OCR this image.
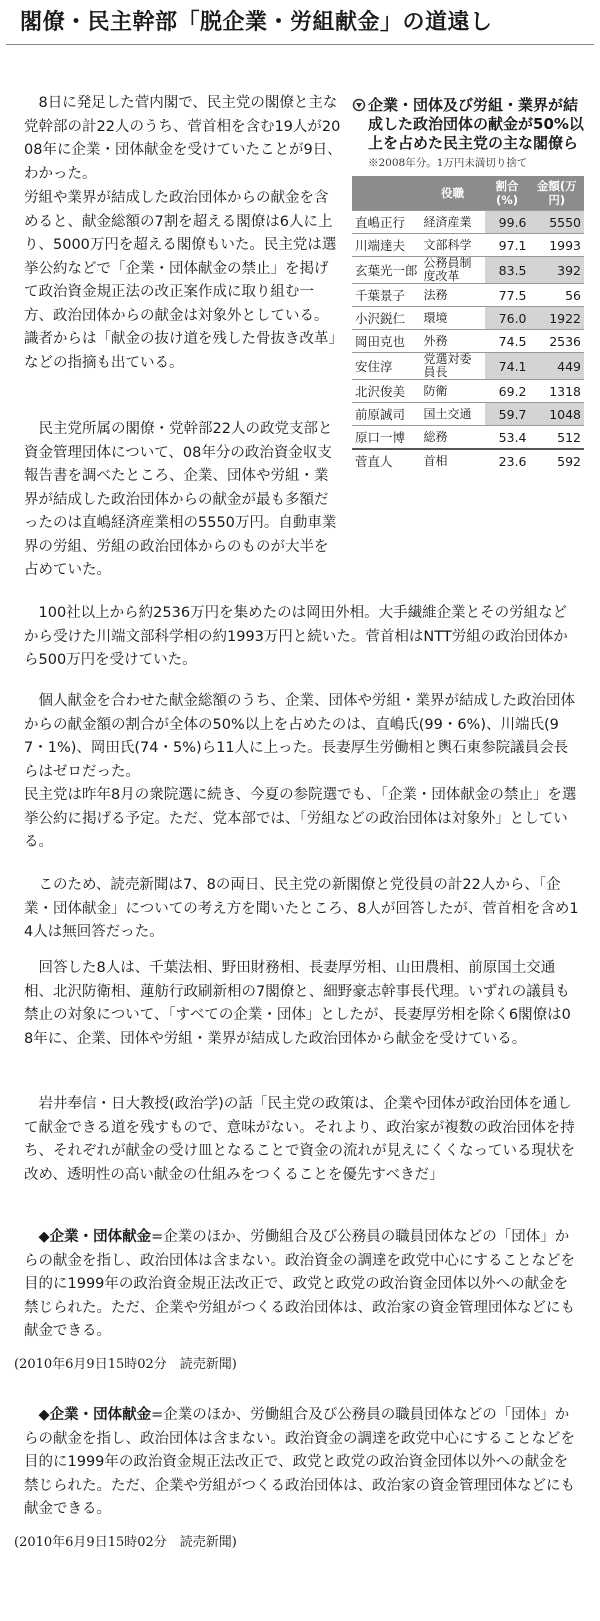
閣僚・民主幹部「脱企業・労組献金」の道遠し

企業・団体及び労組・業界が結成した政治団体の献金が50%以上を占めた民主党の主な閣僚ら

※2008年分。1万円未満切り捨て

	役職	割合(%)	金額(万円)
直嶋正行	経済産業	99.6	5550
川端達夫	文部科学	97.1	1993
玄葉光一郎	公務員制度改革	83.5	392
千葉景子	法務	77.5	56
小沢鋭仁	環境	76.0	1922
岡田克也	外務	74.5	2536
安住淳	党選対委員長	74.1	449
北沢俊美	防衛	69.2	1318
前原誠司	国土交通	59.7	1048
原口一博	総務	53.4	512
菅直人	首相	23.6	592

8日に発足した菅内閣で、民主党の閣僚と主な党幹部の計22人のうち、菅首相を含む19人が2008年に企業・団体献金を受けていたことが9日、わかった。

労組や業界が結成した政治団体からの献金を含めると、献金総額の7割を超える閣僚は6人に上り、5000万円を超える閣僚もいた。民主党は選挙公約などで「企業・団体献金の禁止」を掲げて政治資金規正法の改正案作成に取り組む一方、政治団体からの献金は対象外としている。識者からは「献金の抜け道を残した骨抜き改革」などの指摘も出ている。

民主党所属の閣僚・党幹部22人の政党支部と資金管理団体について、08年分の政治資金収支報告書を調べたところ、企業、団体や労組・業界が結成した政治団体からの献金が最も多額だったのは直嶋経済産業相の5550万円。自動車業界の労組、労組の政治団体からのものが大半を占めていた。

100社以上から約2536万円を集めたのは岡田外相。大手繊維企業とその労組などから受けた川端文部科学相の約1993万円と続いた。菅首相はNTT労組の政治団体から500万円を受けていた。

個人献金を合わせた献金総額のうち、企業、団体や労組・業界が結成した政治団体からの献金額の割合が全体の50%以上を占めたのは、直嶋氏(99・6%)、川端氏(97・1%)、岡田氏(74・5%)ら11人に上った。長妻厚生労働相と輿石東参院議員会長らはゼロだった。

民主党は昨年8月の衆院選に続き、今夏の参院選でも、「企業・団体献金の禁止」を選挙公約に掲げる予定。ただ、党本部では、「労組などの政治団体は対象外」としている。

このため、読売新聞は7、8の両日、民主党の新閣僚と党役員の計22人から、「企業・団体献金」についての考え方を聞いたところ、8人が回答したが、菅首相を含め14人は無回答だった。

回答した8人は、千葉法相、野田財務相、長妻厚労相、山田農相、前原国土交通相、北沢防衛相、蓮舫行政刷新相の7閣僚と、細野豪志幹事長代理。いずれの議員も禁止の対象について、「すべての企業・団体」としたが、長妻厚労相を除く6閣僚は08年に、企業、団体や労組・業界が結成した政治団体から献金を受けている。

岩井奉信・日大教授(政治学)の話「民主党の政策は、企業や団体が政治団体を通して献金できる道を残すもので、意味がない。それより、政治家が複数の政治団体を持ち、それぞれが献金の受け皿となることで資金の流れが見えにくくなっている現状を改め、透明性の高い献金の仕組みをつくることを優先すべきだ」

◆企業・団体献金=企業のほか、労働組合及び公務員の職員団体などの「団体」からの献金を指し、政治団体は含まない。政治資金の調達を政党中心にすることなどを目的に1999年の政治資金規正法改正で、政党と政党の政治資金団体以外への献金を禁じられた。ただ、企業や労組がつくる政治団体は、政治家の資金管理団体などにも献金できる。

(2010年6月9日15時02分　読売新聞)

◆企業・団体献金=企業のほか、労働組合及び公務員の職員団体などの「団体」からの献金を指し、政治団体は含まない。政治資金の調達を政党中心にすることなどを目的に1999年の政治資金規正法改正で、政党と政党の政治資金団体以外への献金を禁じられた。ただ、企業や労組がつくる政治団体は、政治家の資金管理団体などにも献金できる。

(2010年6月9日15時02分　読売新聞)
